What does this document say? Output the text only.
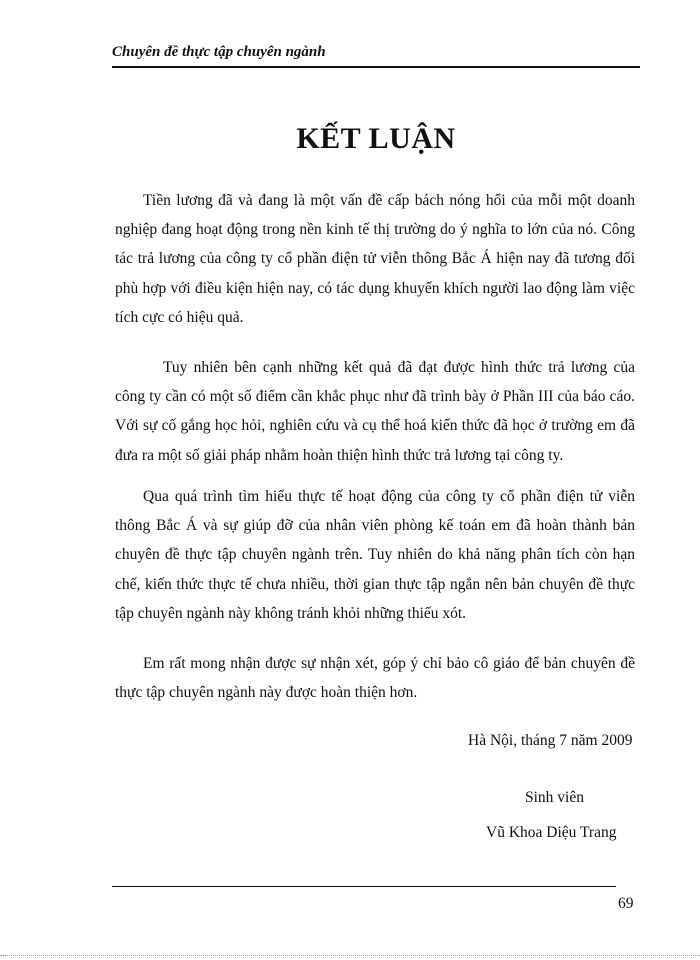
Chuyên đề thực tập chuyên ngành
KẾT LUẬN

Tiền lương đã và đang là một vấn đề cấp bách nóng hổi của mỗi một doanh nghiệp đang hoạt động trong nền kinh tế thị trường do ý nghĩa to lớn của nó. Công tác trả lương của công ty cổ phần điện tử viễn thông Bắc Á hiện nay đã tương đối phù hợp với điều kiện hiện nay, có tác dụng khuyến khích người lao động làm việc tích cực có hiệu quả.

Tuy nhiên bên cạnh những kết quả đã đạt được hình thức trả lương của công ty cần có một số điểm cần khắc phục như đã trình bày ở Phần III của báo cáo. Với sự cố gắng học hỏi, nghiên cứu và cụ thể hoá kiến thức đã học ở trường em đã đưa ra một số giải pháp nhằm hoàn thiện hình thức trả lương tại công ty.

Qua quá trình tìm hiểu thực tế hoạt động của công ty cổ phần điện tử viễn thông Bắc Á và sự giúp đỡ của nhân viên phòng kế toán em đã hoàn thành bản chuyên đề thực tập chuyên ngành trên. Tuy nhiên do khả năng phân tích còn hạn chế, kiến thức thực tế chưa nhiều, thời gian thực tập ngắn nên bản chuyên đề thực tập chuyên ngành này không tránh khỏi những thiếu xót.

Em rất mong nhận được sự nhận xét, góp ý chỉ bảo cô giáo để bản chuyên đề thực tập chuyên ngành này được hoàn thiện hơn.

Hà Nội, tháng 7 năm 2009
Sinh viên
Vũ Khoa Diệu Trang
69
